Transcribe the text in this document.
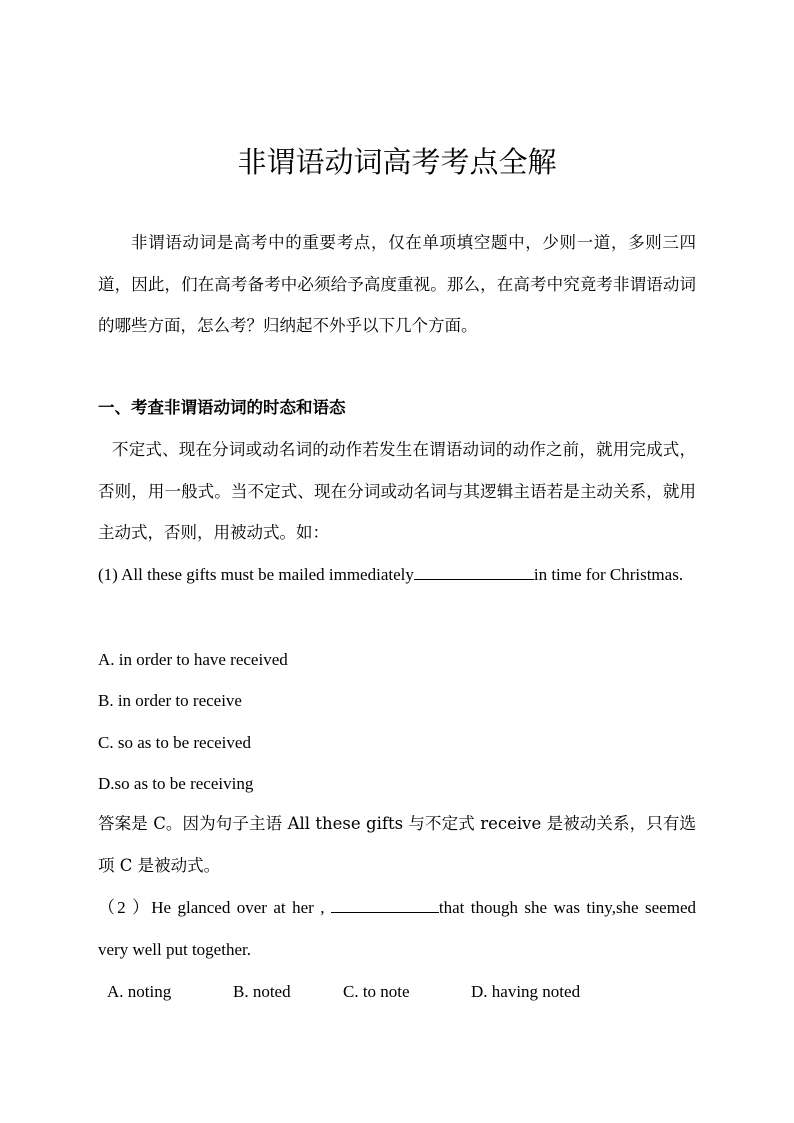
非谓语动词高考考点全解
非谓语动词是高考中的重要考点，仅在单项填空题中，少则一道，多则三四道，因此，们在高考备考中必须给予高度重视。那么，在高考中究竟考非谓语动词的哪些方面，怎么考？归纳起不外乎以下几个方面。
一、考查非谓语动词的时态和语态
不定式、现在分词或动名词的动作若发生在谓语动词的动作之前，就用完成式，否则，用一般式。当不定式、现在分词或动名词与其逻辑主语若是主动关系，就用主动式，否则，用被动式。如：
(1) All these gifts must be mailed immediately	in time for Christmas.
A. in order to have received
B. in order to receive
C. so as to be received
D.so as to be receiving
答案是 C。因为句子主语 All these gifts 与不定式 receive 是被动关系，只有选项 C 是被动式。
（2 ）He glanced over at her ,	that though she was tiny,she seemed very well put together.
A. noting	B. noted	C. to note	D. having noted
